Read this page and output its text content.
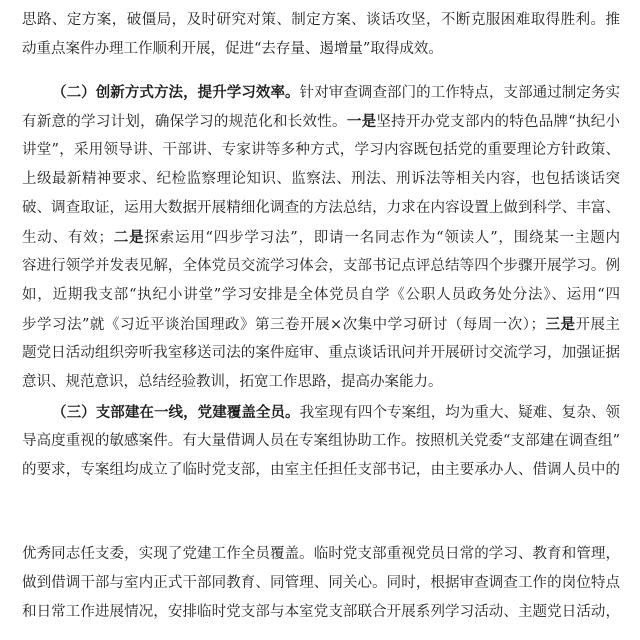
思路、定方案，破僵局，及时研究对策、制定方案、谈话攻坚，不断克服困难取得胜利。推
动重点案件办理工作顺利开展，促进“去存量、遏增量”取得成效。
（二）创新方式方法，提升学习效率。针对审查调查部门的工作特点，支部通过制定务实
有新意的学习计划，确保学习的规范化和长效性。一是坚持开办党支部内的特色品牌“执纪小
讲堂”，采用领导讲、干部讲、专家讲等多种方式，学习内容既包括党的重要理论方针政策、
上级最新精神要求、纪检监察理论知识、监察法、刑法、刑诉法等相关内容，也包括谈话突
破、调查取证，运用大数据开展精细化调查的方法总结，力求在内容设置上做到科学、丰富、
生动、有效；二是探索运用“四步学习法”，即请一名同志作为“领读人”，围绕某一主题内
容进行领学并发表见解，全体党员交流学习体会，支部书记点评总结等四个步骤开展学习。例
如，近期我支部“执纪小讲堂”学习安排是全体党员自学《公职人员政务处分法》、运用“四
步学习法”就《习近平谈治国理政》第三卷开展×次集中学习研讨（每周一次）；三是开展主
题党日活动组织旁听我室移送司法的案件庭审、重点谈话讯问并开展研讨交流学习，加强证据
意识、规范意识，总结经验教训，拓宽工作思路，提高办案能力。
（三）支部建在一线，党建覆盖全员。我室现有四个专案组，均为重大、疑难、复杂、领
导高度重视的敏感案件。有大量借调人员在专案组协助工作。按照机关党委“支部建在调查组”
的要求，专案组均成立了临时党支部，由室主任担任支部书记，由主要承办人、借调人员中的
优秀同志任支委，实现了党建工作全员覆盖。临时党支部重视党员日常的学习、教育和管理，
做到借调干部与室内正式干部同教育、同管理、同关心。同时，根据审查调查工作的岗位特点
和日常工作进展情况，安排临时党支部与本室党支部联合开展系列学习活动、主题党日活动，
